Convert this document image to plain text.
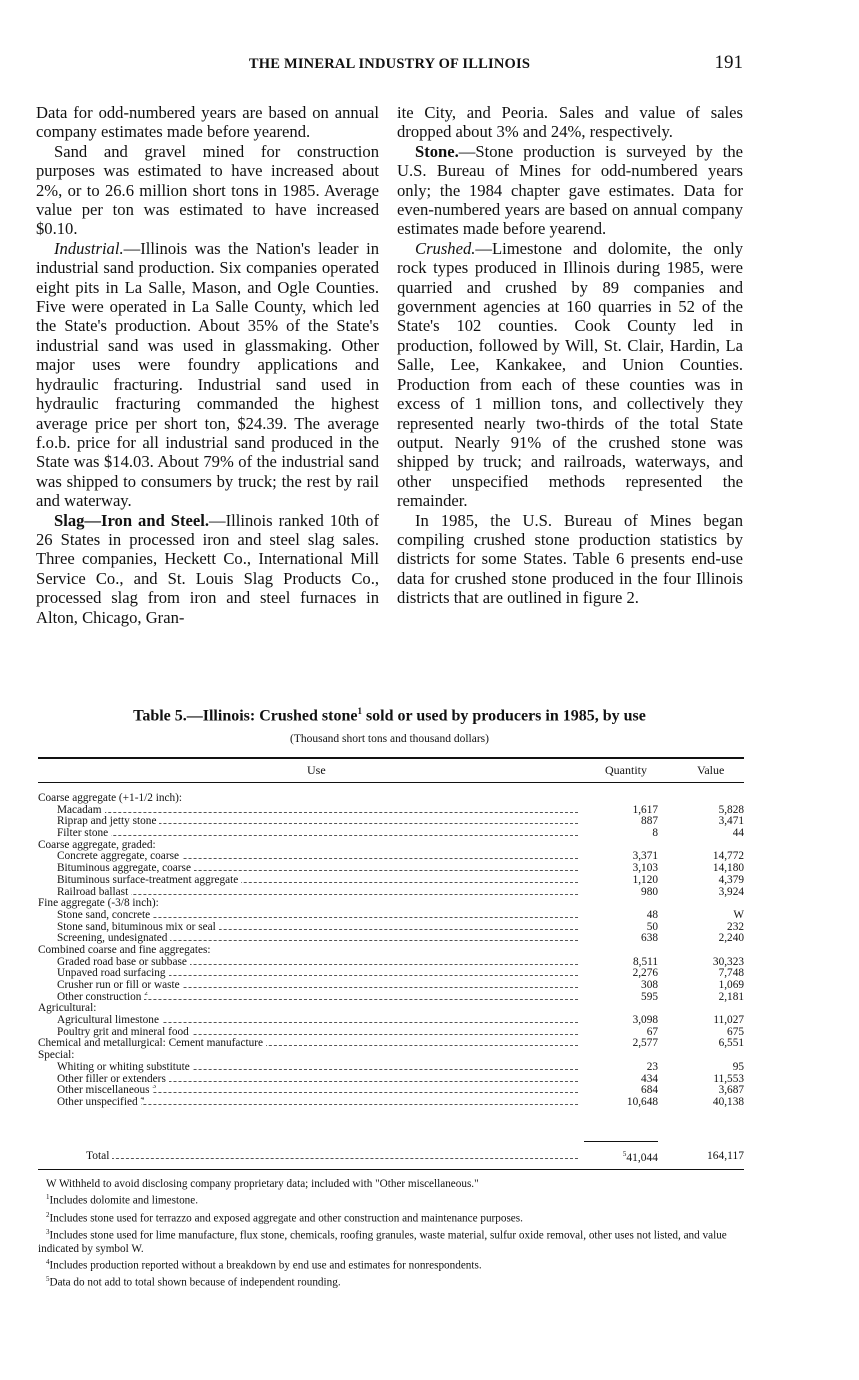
THE MINERAL INDUSTRY OF ILLINOIS	191

Data for odd-numbered years are based on annual company estimates made before yearend.

Sand and gravel mined for construction purposes was estimated to have increased about 2%, or to 26.6 million short tons in 1985. Average value per ton was estimated to have increased $0.10.

Industrial.—Illinois was the Nation's leader in industrial sand production. Six companies operated eight pits in La Salle, Mason, and Ogle Counties. Five were operated in La Salle County, which led the State's production. About 35% of the State's industrial sand was used in glassmaking. Other major uses were foundry applications and hydraulic fracturing. Industrial sand used in hydraulic fracturing commanded the highest average price per short ton, $24.39. The average f.o.b. price for all industrial sand produced in the State was $14.03. About 79% of the industrial sand was shipped to consumers by truck; the rest by rail and waterway.

Slag—Iron and Steel.—Illinois ranked 10th of 26 States in processed iron and steel slag sales. Three companies, Heckett Co., International Mill Service Co., and St. Louis Slag Products Co., processed slag from iron and steel furnaces in Alton, Chicago, Gran-

ite City, and Peoria. Sales and value of sales dropped about 3% and 24%, respectively.

Stone.—Stone production is surveyed by the U.S. Bureau of Mines for odd-numbered years only; the 1984 chapter gave estimates. Data for even-numbered years are based on annual company estimates made before yearend.

Crushed.—Limestone and dolomite, the only rock types produced in Illinois during 1985, were quarried and crushed by 89 companies and government agencies at 160 quarries in 52 of the State's 102 counties. Cook County led in production, followed by Will, St. Clair, Hardin, La Salle, Lee, Kankakee, and Union Counties. Production from each of these counties was in excess of 1 million tons, and collectively they represented nearly two-thirds of the total State output. Nearly 91% of the crushed stone was shipped by truck; and railroads, waterways, and other unspecified methods represented the remainder.

In 1985, the U.S. Bureau of Mines began compiling crushed stone production statistics by districts for some States. Table 6 presents end-use data for crushed stone produced in the four Illinois districts that are outlined in figure 2.

Table 5.—Illinois: Crushed stone$^1$ sold or used by producers in 1985, by use
(Thousand short tons and thousand dollars)
Use	Quantity	Value
Coarse aggregate (+1-1/2 inch):
Macadam	1,617	5,828
Riprap and jetty stone	887	3,471
Filter stone	8	44
Coarse aggregate, graded:
Concrete aggregate, coarse	3,371	14,772
Bituminous aggregate, coarse	3,103	14,180
Bituminous surface-treatment aggregate	1,120	4,379
Railroad ballast	980	3,924
Fine aggregate (-3/8 inch):
Stone sand, concrete	48	W
Stone sand, bituminous mix or seal	50	232
Screening, undesignated	638	2,240
Combined coarse and fine aggregates:
Graded road base or subbase	8,511	30,323
Unpaved road surfacing	2,276	7,748
Crusher run or fill or waste	308	1,069
Other construction $^2$	595	2,181
Agricultural:
Agricultural limestone	3,098	11,027
Poultry grit and mineral food	67	675
Chemical and metallurgical: Cement manufacture	2,577	6,551
Special:
Whiting or whiting substitute	23	95
Other filler or extenders	434	11,553
Other miscellaneous $^3$	684	3,687
Other unspecified $^4$	10,648	40,138
Total	$^5$41,044	164,117
W Withheld to avoid disclosing company proprietary data; included with "Other miscellaneous."
$^1$Includes dolomite and limestone.
$^2$Includes stone used for terrazzo and exposed aggregate and other construction and maintenance purposes.
$^3$Includes stone used for lime manufacture, flux stone, chemicals, roofing granules, waste material, sulfur oxide removal, other uses not listed, and value indicated by symbol W.
$^4$Includes production reported without a breakdown by end use and estimates for nonrespondents.
$^5$Data do not add to total shown because of independent rounding.
